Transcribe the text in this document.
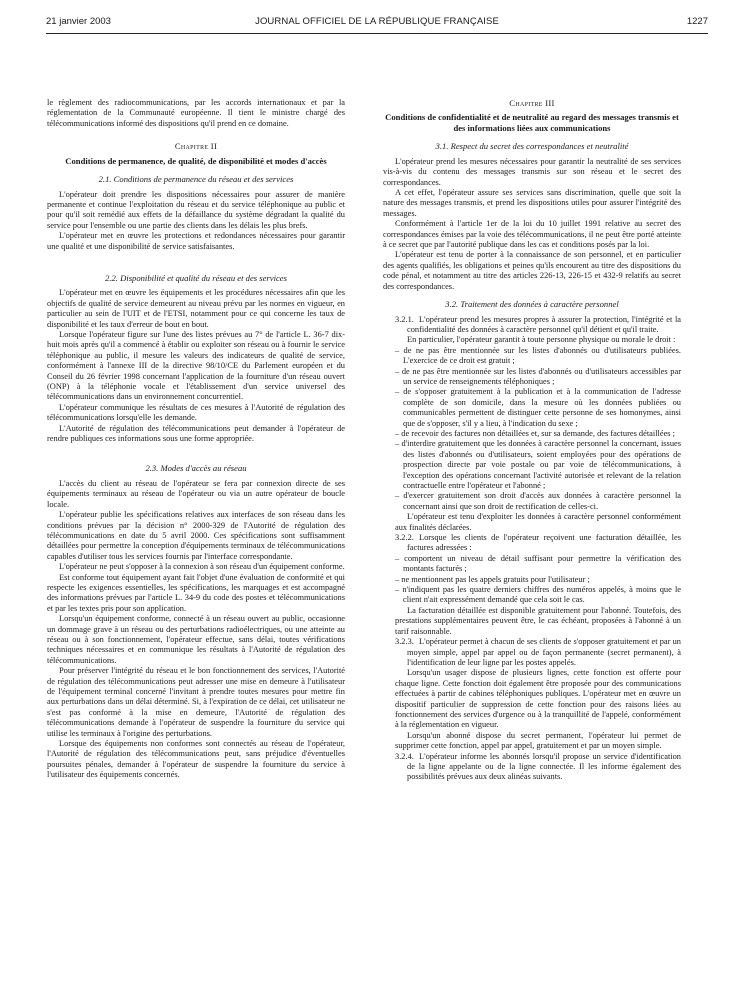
21 janvier 2003	JOURNAL OFFICIEL DE LA RÉPUBLIQUE FRANÇAISE	1227

le règlement des radiocommunications, par les accords internationaux et par la réglementation de la Communauté européenne. Il tient le ministre chargé des télécommunications informé des dispositions qu'il prend en ce domaine.

Chapitre II
Conditions de permanence, de qualité, de disponibilité et modes d'accès
2.1. Conditions de permanence du réseau et des services

L'opérateur doit prendre les dispositions nécessaires pour assurer de manière permanente et continue l'exploitation du réseau et du service téléphonique au public et pour qu'il soit remédié aux effets de la défaillance du système dégradant la qualité du service pour l'ensemble ou une partie des clients dans les délais les plus brefs.

L'opérateur met en œuvre les protections et redondances nécessaires pour garantir une qualité et une disponibilité de service satisfaisantes.

2.2. Disponibilité et qualité du réseau et des services

L'opérateur met en œuvre les équipements et les procédures nécessaires afin que les objectifs de qualité de service demeurent au niveau prévu par les normes en vigueur, en particulier au sein de l'UIT et de l'ETSI, notamment pour ce qui concerne les taux de disponibilité et les taux d'erreur de bout en bout.

Lorsque l'opérateur figure sur l'une des listes prévues au 7° de l'article L. 36-7 dix-huit mois après qu'il a commencé à établir ou exploiter son réseau ou à fournir le service téléphonique au public, il mesure les valeurs des indicateurs de qualité de service, conformément à l'annexe III de la directive 98/10/CE du Parlement européen et du Conseil du 26 février 1998 concernant l'application de la fourniture d'un réseau ouvert (ONP) à la téléphonie vocale et l'établissement d'un service universel des télécommunications dans un environnement concurrentiel.

L'opérateur communique les résultats de ces mesures à l'Autorité de régulation des télécommunications lorsqu'elle les demande.

L'Autorité de régulation des télécommunications peut demander à l'opérateur de rendre publiques ces informations sous une forme appropriée.

2.3. Modes d'accès au réseau

L'accès du client au réseau de l'opérateur se fera par connexion directe de ses équipements terminaux au réseau de l'opérateur ou via un autre opérateur de boucle locale.

L'opérateur publie les spécifications relatives aux interfaces de son réseau dans les conditions prévues par la décision n° 2000-329 de l'Autorité de régulation des télécommunications en date du 5 avril 2000. Ces spécifications sont suffisamment détaillées pour permettre la conception d'équipements terminaux de télécommunications capables d'utiliser tous les services fournis par l'interface correspondante.

L'opérateur ne peut s'opposer à la connexion à son réseau d'un équipement conforme.

Est conforme tout équipement ayant fait l'objet d'une évaluation de conformité et qui respecte les exigences essentielles, les spécifications, les marquages et est accompagné des informations prévues par l'article L. 34-9 du code des postes et télécommunications et par les textes pris pour son application.

Lorsqu'un équipement conforme, connecté à un réseau ouvert au public, occasionne un dommage grave à un réseau ou des perturbations radioélectriques, ou une atteinte au réseau ou à son fonctionnement, l'opérateur effectue, sans délai, toutes vérifications techniques nécessaires et en communique les résultats à l'Autorité de régulation des télécommunications.

Pour préserver l'intégrité du réseau et le bon fonctionnement des services, l'Autorité de régulation des télécommunications peut adresser une mise en demeure à l'utilisateur de l'équipement terminal concerné l'invitant à prendre toutes mesures pour mettre fin aux perturbations dans un délai déterminé. Si, à l'expiration de ce délai, cet utilisateur ne s'est pas conformé à la mise en demeure, l'Autorité de régulation des télécommunications demande à l'opérateur de suspendre la fourniture du service qui utilise les terminaux à l'origine des perturbations.

Lorsque des équipements non conformes sont connectés au réseau de l'opérateur, l'Autorité de régulation des télécommunications peut, sans préjudice d'éventuelles poursuites pénales, demander à l'opérateur de suspendre la fourniture du service à l'utilisateur des équipements concernés.

Chapitre III
Conditions de confidentialité et de neutralité au regard des messages transmis et des informations liées aux communications
3.1. Respect du secret des correspondances et neutralité

L'opérateur prend les mesures nécessaires pour garantir la neutralité de ses services vis-à-vis du contenu des messages transmis sur son réseau et le secret des correspondances.

A cet effet, l'opérateur assure ses services sans discrimination, quelle que soit la nature des messages transmis, et prend les dispositions utiles pour assurer l'intégrité des messages.

Conformément à l'article 1er de la loi du 10 juillet 1991 relative au secret des correspondances émises par la voie des télécommunications, il ne peut être porté atteinte à ce secret que par l'autorité publique dans les cas et conditions posés par la loi.

L'opérateur est tenu de porter à la connaissance de son personnel, et en particulier des agents qualifiés, les obligations et peines qu'ils encourent au titre des dispositions du code pénal, et notamment au titre des articles 226-13, 226-15 et 432-9 relatifs au secret des correspondances.

3.2. Traitement des données à caractère personnel

3.2.1. L'opérateur prend les mesures propres à assurer la protection, l'intégrité et la confidentialité des données à caractère personnel qu'il détient et qu'il traite.

En particulier, l'opérateur garantit à toute personne physique ou morale le droit :

– de ne pas être mentionnée sur les listes d'abonnés ou d'utilisateurs publiées. L'exercice de ce droit est gratuit ;
– de ne pas être mentionnée sur les listes d'abonnés ou d'utilisateurs accessibles par un service de renseignements téléphoniques ;
– de s'opposer gratuitement à la publication et à la communication de l'adresse complète de son domicile, dans la mesure où les données publiées ou communicables permettent de distinguer cette personne de ses homonymes, ainsi que de s'opposer, s'il y a lieu, à l'indication du sexe ;
– de recevoir des factures non détaillées et, sur sa demande, des factures détaillées ;
– d'interdire gratuitement que les données à caractère personnel la concernant, issues des listes d'abonnés ou d'utilisateurs, soient employées pour des opérations de prospection directe par voie postale ou par voie de télécommunications, à l'exception des opérations concernant l'activité autorisée et relevant de la relation contractuelle entre l'opérateur et l'abonné ;
– d'exercer gratuitement son droit d'accès aux données à caractère personnel la concernant ainsi que son droit de rectification de celles-ci.

L'opérateur est tenu d'exploiter les données à caractère personnel conformément aux finalités déclarées.

3.2.2. Lorsque les clients de l'opérateur reçoivent une facturation détaillée, les factures adressées :

– comportent un niveau de détail suffisant pour permettre la vérification des montants facturés ;
– ne mentionnent pas les appels gratuits pour l'utilisateur ;
– n'indiquent pas les quatre derniers chiffres des numéros appelés, à moins que le client n'ait expressément demandé que cela soit le cas.

La facturation détaillée est disponible gratuitement pour l'abonné. Toutefois, des prestations supplémentaires peuvent être, le cas échéant, proposées à l'abonné à un tarif raisonnable.

3.2.3. L'opérateur permet à chacun de ses clients de s'opposer gratuitement et par un moyen simple, appel par appel ou de façon permanente (secret permanent), à l'identification de leur ligne par les postes appelés.

Lorsqu'un usager dispose de plusieurs lignes, cette fonction est offerte pour chaque ligne. Cette fonction doit également être proposée pour des communications effectuées à partir de cabines téléphoniques publiques. L'opérateur met en œuvre un dispositif particulier de suppression de cette fonction pour des raisons liées au fonctionnement des services d'urgence ou à la tranquillité de l'appelé, conformément à la réglementation en vigueur.

Lorsqu'un abonné dispose du secret permanent, l'opérateur lui permet de supprimer cette fonction, appel par appel, gratuitement et par un moyen simple.

3.2.4. L'opérateur informe les abonnés lorsqu'il propose un service d'identification de la ligne appelante ou de la ligne connectée. Il les informe également des possibilités prévues aux deux alinéas suivants.
